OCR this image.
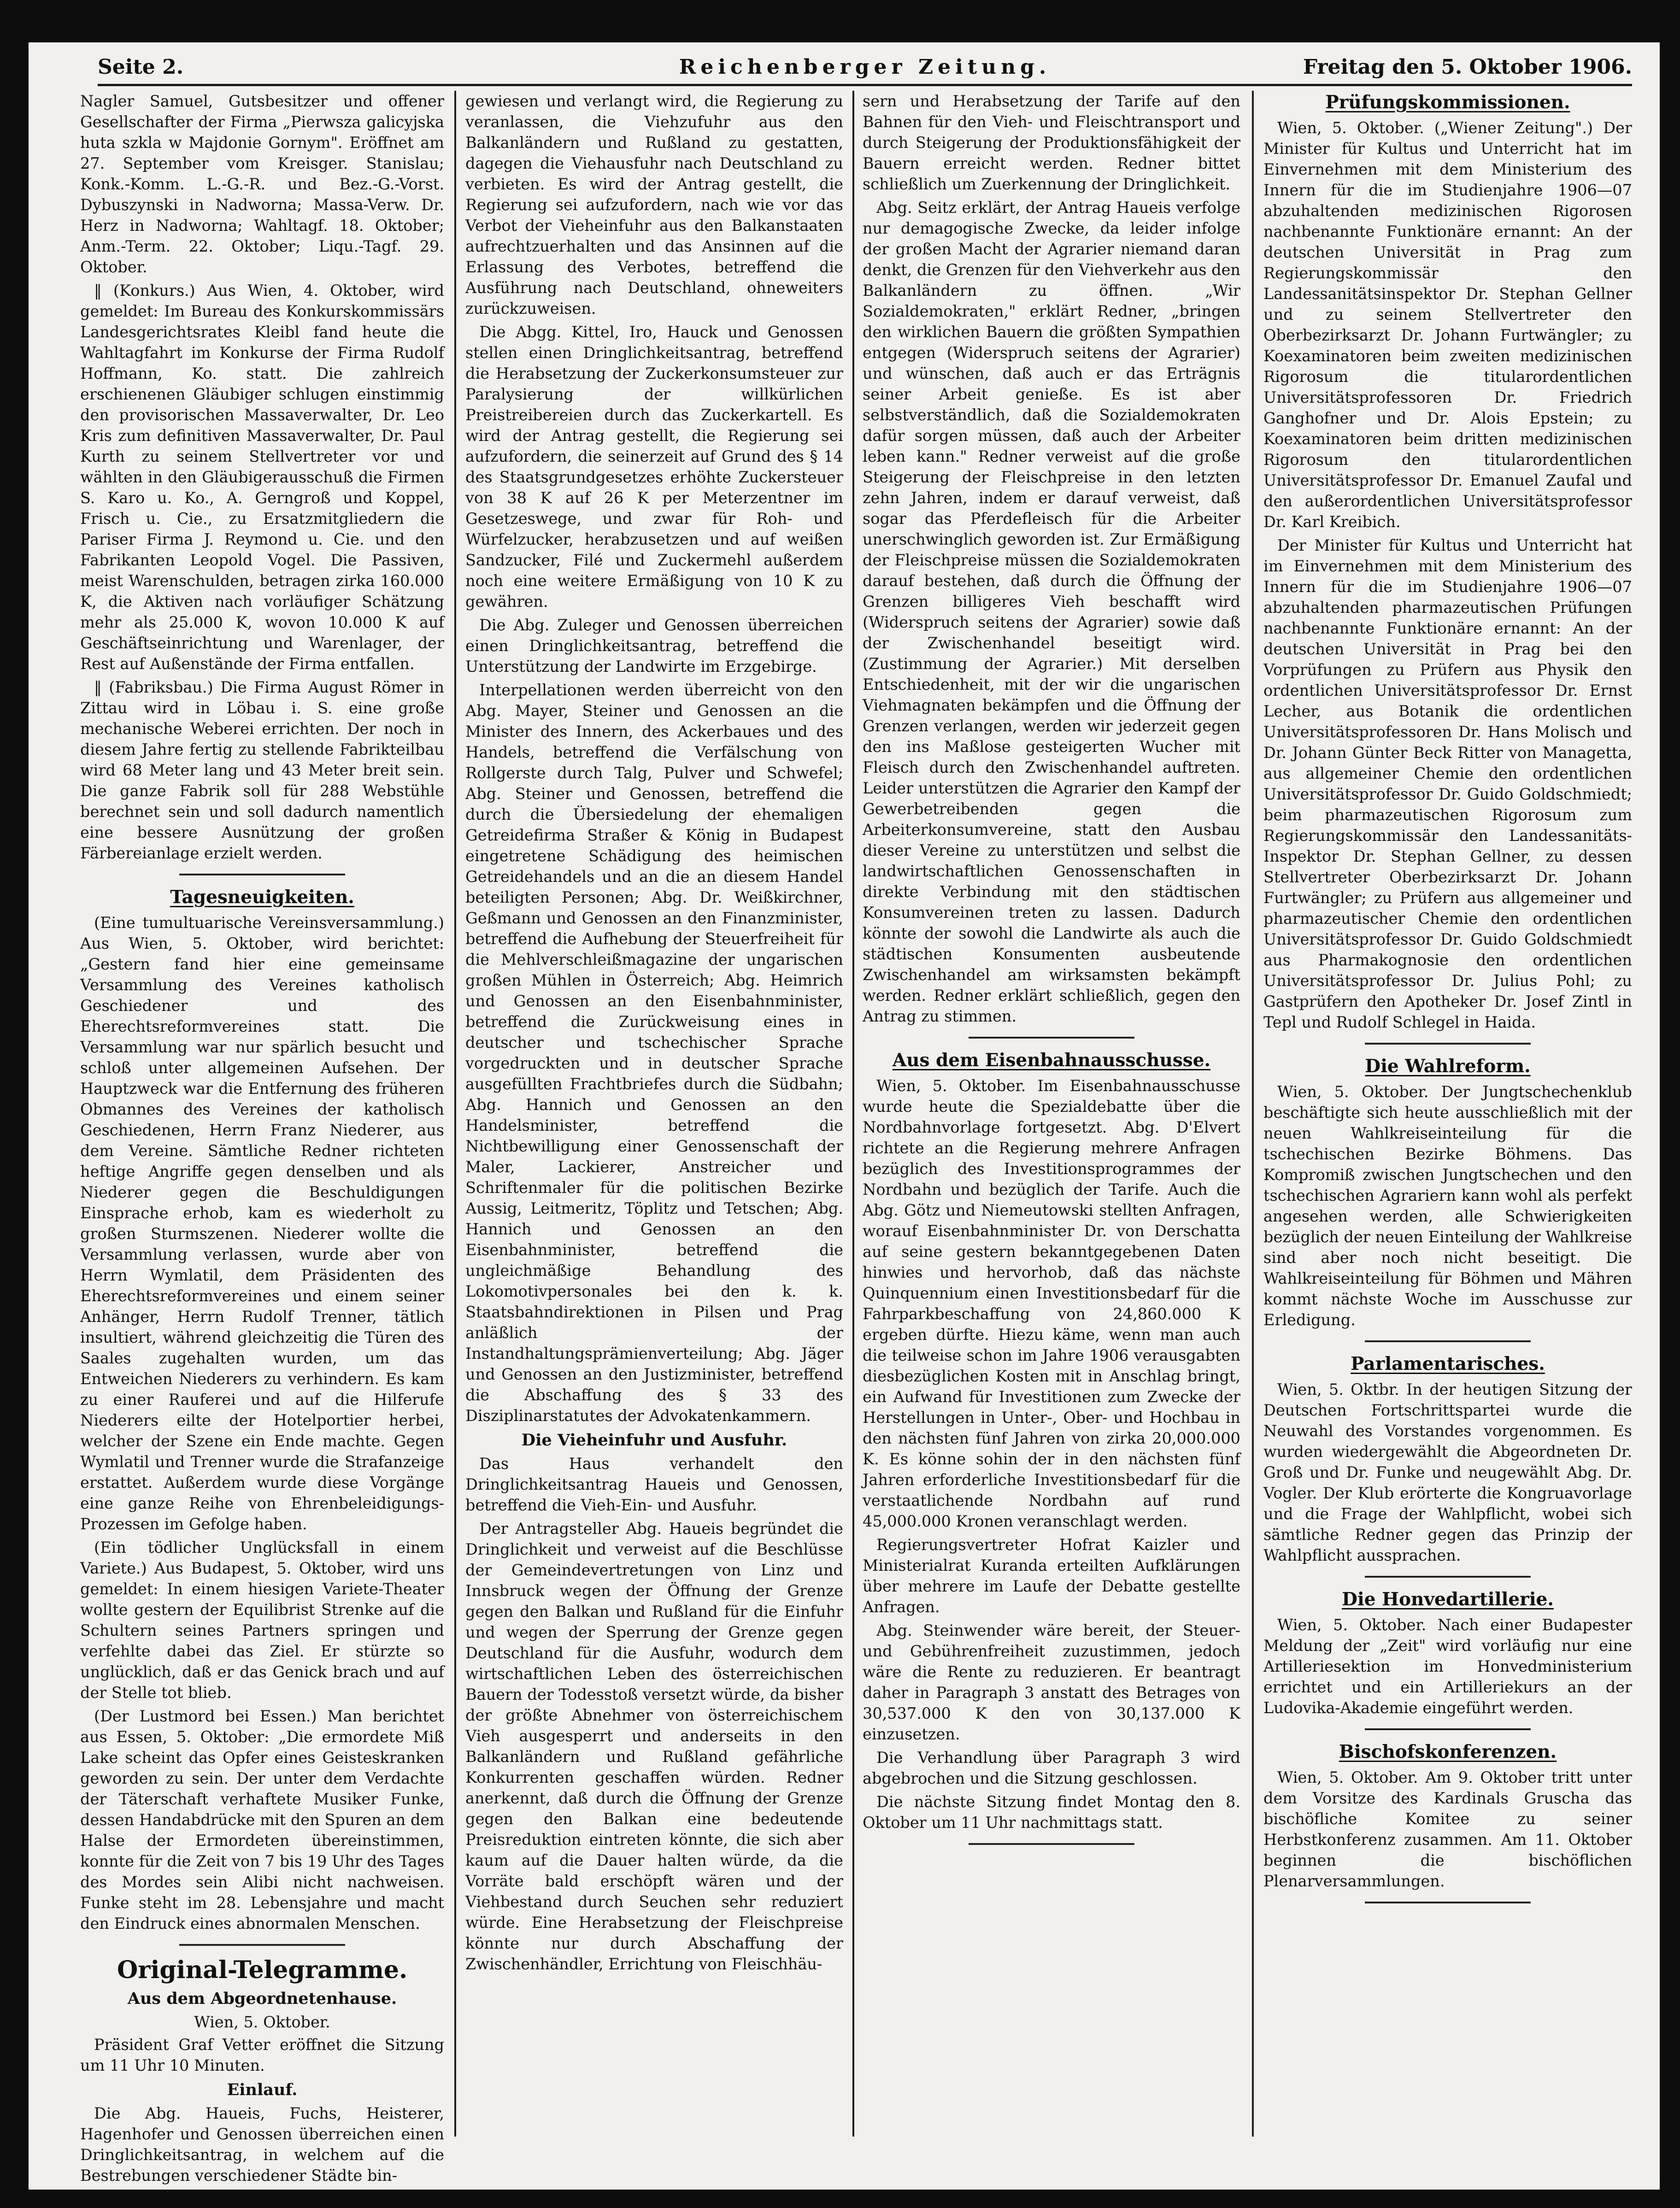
Seite 2.	Reichenberger Zeitung.	Freitag den 5. Oktober 1906.

Nagler Samuel, Gutsbesitzer und offener Gesellschafter der Firma „Pierwsza galicyjska huta szkla w Majdonie Gornym". Eröffnet am 27. September vom Kreisger. Stanislau; Konk.-Komm. L.-G.-R. und Bez.-G.-Vorst. Dybuszynski in Nadworna; Massa-Verw. Dr. Herz in Nadworna; Wahltagf. 18. Oktober; Anm.-Term. 22. Oktober; Liqu.-Tagf. 29. Oktober.

‖ (Konkurs.) Aus Wien, 4. Oktober, wird gemeldet: Im Bureau des Konkurskommissärs Landesgerichtsrates Kleibl fand heute die Wahltagfahrt im Konkurse der Firma Rudolf Hoffmann, Ko. statt. Die zahlreich erschienenen Gläubiger schlugen einstimmig den provisorischen Massaverwalter, Dr. Leo Kris zum definitiven Massaverwalter, Dr. Paul Kurth zu seinem Stellvertreter vor und wählten in den Gläubigerausschuß die Firmen S. Karo u. Ko., A. Gerngroß und Koppel, Frisch u. Cie., zu Ersatzmitgliedern die Pariser Firma J. Reymond u. Cie. und den Fabrikanten Leopold Vogel. Die Passiven, meist Warenschulden, betragen zirka 160.000 K, die Aktiven nach vorläufiger Schätzung mehr als 25.000 K, wovon 10.000 K auf Geschäftseinrichtung und Warenlager, der Rest auf Außenstände der Firma entfallen.

‖ (Fabriksbau.) Die Firma August Römer in Zittau wird in Löbau i. S. eine große mechanische Weberei errichten. Der noch in diesem Jahre fertig zu stellende Fabrikteilbau wird 68 Meter lang und 43 Meter breit sein. Die ganze Fabrik soll für 288 Webstühle berechnet sein und soll dadurch namentlich eine bessere Ausnützung der großen Färbereianlage erzielt werden.

Tagesneuigkeiten.

(Eine tumultuarische Vereinsversammlung.) Aus Wien, 5. Oktober, wird berichtet: „Gestern fand hier eine gemeinsame Versammlung des Vereines katholisch Geschiedener und des Eherechtsreformvereines statt. Die Versammlung war nur spärlich besucht und schloß unter allgemeinen Aufsehen. Der Hauptzweck war die Entfernung des früheren Obmannes des Vereines der katholisch Geschiedenen, Herrn Franz Niederer, aus dem Vereine. Sämtliche Redner richteten heftige Angriffe gegen denselben und als Niederer gegen die Beschuldigungen Einsprache erhob, kam es wiederholt zu großen Sturmszenen. Niederer wollte die Versammlung verlassen, wurde aber von Herrn Wymlatil, dem Präsidenten des Eherechtsreformvereines und einem seiner Anhänger, Herrn Rudolf Trenner, tätlich insultiert, während gleichzeitig die Türen des Saales zugehalten wurden, um das Entweichen Niederers zu verhindern. Es kam zu einer Rauferei und auf die Hilferufe Niederers eilte der Hotelportier herbei, welcher der Szene ein Ende machte. Gegen Wymlatil und Trenner wurde die Strafanzeige erstattet. Außerdem wurde diese Vorgänge eine ganze Reihe von Ehrenbeleidigungs-Prozessen im Gefolge haben.

(Ein tödlicher Unglücksfall in einem Variete.) Aus Budapest, 5. Oktober, wird uns gemeldet: In einem hiesigen Variete-Theater wollte gestern der Equilibrist Strenke auf die Schultern seines Partners springen und verfehlte dabei das Ziel. Er stürzte so unglücklich, daß er das Genick brach und auf der Stelle tot blieb.

(Der Lustmord bei Essen.) Man berichtet aus Essen, 5. Oktober: „Die ermordete Miß Lake scheint das Opfer eines Geisteskranken geworden zu sein. Der unter dem Verdachte der Täterschaft verhaftete Musiker Funke, dessen Handabdrücke mit den Spuren an dem Halse der Ermordeten übereinstimmen, konnte für die Zeit von 7 bis 19 Uhr des Tages des Mordes sein Alibi nicht nachweisen. Funke steht im 28. Lebensjahre und macht den Eindruck eines abnormalen Menschen.

Original-Telegramme.
Aus dem Abgeordnetenhause.
Wien, 5. Oktober.

Präsident Graf Vetter eröffnet die Sitzung um 11 Uhr 10 Minuten.

Einlauf.

Die Abg. Haueis, Fuchs, Heisterer, Hagenhofer und Genossen überreichen einen Dringlichkeitsantrag, in welchem auf die Bestrebungen verschiedener Städte bin-

gewiesen und verlangt wird, die Regierung zu veranlassen, die Viehzufuhr aus den Balkanländern und Rußland zu gestatten, dagegen die Viehausfuhr nach Deutschland zu verbieten. Es wird der Antrag gestellt, die Regierung sei aufzufordern, nach wie vor das Verbot der Vieheinfuhr aus den Balkanstaaten aufrechtzuerhalten und das Ansinnen auf die Erlassung des Verbotes, betreffend die Ausführung nach Deutschland, ohneweiters zurückzuweisen.

Die Abgg. Kittel, Iro, Hauck und Genossen stellen einen Dringlichkeitsantrag, betreffend die Herabsetzung der Zuckerkonsumsteuer zur Paralysierung der willkürlichen Preistreibereien durch das Zuckerkartell. Es wird der Antrag gestellt, die Regierung sei aufzufordern, die seinerzeit auf Grund des § 14 des Staatsgrundgesetzes erhöhte Zuckersteuer von 38 K auf 26 K per Meterzentner im Gesetzeswege, und zwar für Roh- und Würfelzucker, herabzusetzen und auf weißen Sandzucker, Filé und Zuckermehl außerdem noch eine weitere Ermäßigung von 10 K zu gewähren.

Die Abg. Zuleger und Genossen überreichen einen Dringlichkeitsantrag, betreffend die Unterstützung der Landwirte im Erzgebirge.

Interpellationen werden überreicht von den Abg. Mayer, Steiner und Genossen an die Minister des Innern, des Ackerbaues und des Handels, betreffend die Verfälschung von Rollgerste durch Talg, Pulver und Schwefel; Abg. Steiner und Genossen, betreffend die durch die Übersiedelung der ehemaligen Getreidefirma Straßer & König in Budapest eingetretene Schädigung des heimischen Getreidehandels und an die an diesem Handel beteiligten Personen; Abg. Dr. Weißkirchner, Geßmann und Genossen an den Finanzminister, betreffend die Aufhebung der Steuerfreiheit für die Mehlverschleißmagazine der ungarischen großen Mühlen in Österreich; Abg. Heimrich und Genossen an den Eisenbahnminister, betreffend die Zurückweisung eines in deutscher und tschechischer Sprache vorgedruckten und in deutscher Sprache ausgefüllten Frachtbriefes durch die Südbahn; Abg. Hannich und Genossen an den Handelsminister, betreffend die Nichtbewilligung einer Genossenschaft der Maler, Lackierer, Anstreicher und Schriftenmaler für die politischen Bezirke Aussig, Leitmeritz, Töplitz und Tetschen; Abg. Hannich und Genossen an den Eisenbahnminister, betreffend die ungleichmäßige Behandlung des Lokomotivpersonales bei den k. k. Staatsbahndirektionen in Pilsen und Prag anläßlich der Instandhaltungsprämienverteilung; Abg. Jäger und Genossen an den Justizminister, betreffend die Abschaffung des § 33 des Disziplinarstatutes der Advokatenkammern.

Die Vieheinfuhr und Ausfuhr.

Das Haus verhandelt den Dringlichkeitsantrag Haueis und Genossen, betreffend die Vieh-Ein- und Ausfuhr.

Der Antragsteller Abg. Haueis begründet die Dringlichkeit und verweist auf die Beschlüsse der Gemeindevertretungen von Linz und Innsbruck wegen der Öffnung der Grenze gegen den Balkan und Rußland für die Einfuhr und wegen der Sperrung der Grenze gegen Deutschland für die Ausfuhr, wodurch dem wirtschaftlichen Leben des österreichischen Bauern der Todesstoß versetzt würde, da bisher der größte Abnehmer von österreichischem Vieh ausgesperrt und anderseits in den Balkanländern und Rußland gefährliche Konkurrenten geschaffen würden. Redner anerkennt, daß durch die Öffnung der Grenze gegen den Balkan eine bedeutende Preisreduktion eintreten könnte, die sich aber kaum auf die Dauer halten würde, da die Vorräte bald erschöpft wären und der Viehbestand durch Seuchen sehr reduziert würde. Eine Herabsetzung der Fleischpreise könnte nur durch Abschaffung der Zwischenhändler, Errichtung von Fleischhäu-

sern und Herabsetzung der Tarife auf den Bahnen für den Vieh- und Fleischtransport und durch Steigerung der Produktionsfähigkeit der Bauern erreicht werden. Redner bittet schließlich um Zuerkennung der Dringlichkeit.

Abg. Seitz erklärt, der Antrag Haueis verfolge nur demagogische Zwecke, da leider infolge der großen Macht der Agrarier niemand daran denkt, die Grenzen für den Viehverkehr aus den Balkanländern zu öffnen. „Wir Sozialdemokraten," erklärt Redner, „bringen den wirklichen Bauern die größten Sympathien entgegen (Widerspruch seitens der Agrarier) und wünschen, daß auch er das Erträgnis seiner Arbeit genieße. Es ist aber selbstverständlich, daß die Sozialdemokraten dafür sorgen müssen, daß auch der Arbeiter leben kann." Redner verweist auf die große Steigerung der Fleischpreise in den letzten zehn Jahren, indem er darauf verweist, daß sogar das Pferdefleisch für die Arbeiter unerschwinglich geworden ist. Zur Ermäßigung der Fleischpreise müssen die Sozialdemokraten darauf bestehen, daß durch die Öffnung der Grenzen billigeres Vieh beschafft wird (Widerspruch seitens der Agrarier) sowie daß der Zwischenhandel beseitigt wird. (Zustimmung der Agrarier.) Mit derselben Entschiedenheit, mit der wir die ungarischen Viehmagnaten bekämpfen und die Öffnung der Grenzen verlangen, werden wir jederzeit gegen den ins Maßlose gesteigerten Wucher mit Fleisch durch den Zwischenhandel auftreten. Leider unterstützen die Agrarier den Kampf der Gewerbetreibenden gegen die Arbeiterkonsumvereine, statt den Ausbau dieser Vereine zu unterstützen und selbst die landwirtschaftlichen Genossenschaften in direkte Verbindung mit den städtischen Konsumvereinen treten zu lassen. Dadurch könnte der sowohl die Landwirte als auch die städtischen Konsumenten ausbeutende Zwischenhandel am wirksamsten bekämpft werden. Redner erklärt schließlich, gegen den Antrag zu stimmen.

Aus dem Eisenbahnausschusse.

Wien, 5. Oktober. Im Eisenbahnausschusse wurde heute die Spezialdebatte über die Nordbahnvorlage fortgesetzt. Abg. D'Elvert richtete an die Regierung mehrere Anfragen bezüglich des Investitionsprogrammes der Nordbahn und bezüglich der Tarife. Auch die Abg. Götz und Niemeutowski stellten Anfragen, worauf Eisenbahnminister Dr. von Derschatta auf seine gestern bekanntgegebenen Daten hinwies und hervorhob, daß das nächste Quinquennium einen Investitionsbedarf für die Fahrparkbeschaffung von 24,860.000 K ergeben dürfte. Hiezu käme, wenn man auch die teilweise schon im Jahre 1906 verausgabten diesbezüglichen Kosten mit in Anschlag bringt, ein Aufwand für Investitionen zum Zwecke der Herstellungen in Unter-, Ober- und Hochbau in den nächsten fünf Jahren von zirka 20,000.000 K. Es könne sohin der in den nächsten fünf Jahren erforderliche Investitionsbedarf für die verstaatlichende Nordbahn auf rund 45,000.000 Kronen veranschlagt werden.

Regierungsvertreter Hofrat Kaizler und Ministerialrat Kuranda erteilten Aufklärungen über mehrere im Laufe der Debatte gestellte Anfragen.

Abg. Steinwender wäre bereit, der Steuer- und Gebührenfreiheit zuzustimmen, jedoch wäre die Rente zu reduzieren. Er beantragt daher in Paragraph 3 anstatt des Betrages von 30,537.000 K den von 30,137.000 K einzusetzen.

Die Verhandlung über Paragraph 3 wird abgebrochen und die Sitzung geschlossen.

Die nächste Sitzung findet Montag den 8. Oktober um 11 Uhr nachmittags statt.

Prüfungskommissionen.

Wien, 5. Oktober. („Wiener Zeitung".) Der Minister für Kultus und Unterricht hat im Einvernehmen mit dem Ministerium des Innern für die im Studienjahre 1906—07 abzuhaltenden medizinischen Rigorosen nachbenannte Funktionäre ernannt: An der deutschen Universität in Prag zum Regierungskommissär den Landessanitätsinspektor Dr. Stephan Gellner und zu seinem Stellvertreter den Oberbezirksarzt Dr. Johann Furtwängler; zu Koexaminatoren beim zweiten medizinischen Rigorosum die titularordentlichen Universitätsprofessoren Dr. Friedrich Ganghofner und Dr. Alois Epstein; zu Koexaminatoren beim dritten medizinischen Rigorosum den titularordentlichen Universitätsprofessor Dr. Emanuel Zaufal und den außerordentlichen Universitätsprofessor Dr. Karl Kreibich.

Der Minister für Kultus und Unterricht hat im Einvernehmen mit dem Ministerium des Innern für die im Studienjahre 1906—07 abzuhaltenden pharmazeutischen Prüfungen nachbenannte Funktionäre ernannt: An der deutschen Universität in Prag bei den Vorprüfungen zu Prüfern aus Physik den ordentlichen Universitätsprofessor Dr. Ernst Lecher, aus Botanik die ordentlichen Universitätsprofessoren Dr. Hans Molisch und Dr. Johann Günter Beck Ritter von Managetta, aus allgemeiner Chemie den ordentlichen Universitätsprofessor Dr. Guido Goldschmiedt; beim pharmazeutischen Rigorosum zum Regierungskommissär den Landessanitäts-Inspektor Dr. Stephan Gellner, zu dessen Stellvertreter Oberbezirksarzt Dr. Johann Furtwängler; zu Prüfern aus allgemeiner und pharmazeutischer Chemie den ordentlichen Universitätsprofessor Dr. Guido Goldschmiedt aus Pharmakognosie den ordentlichen Universitätsprofessor Dr. Julius Pohl; zu Gastprüfern den Apotheker Dr. Josef Zintl in Tepl und Rudolf Schlegel in Haida.

Die Wahlreform.

Wien, 5. Oktober. Der Jungtschechenklub beschäftigte sich heute ausschließlich mit der neuen Wahlkreiseinteilung für die tschechischen Bezirke Böhmens. Das Kompromiß zwischen Jungtschechen und den tschechischen Agrariern kann wohl als perfekt angesehen werden, alle Schwierigkeiten bezüglich der neuen Einteilung der Wahlkreise sind aber noch nicht beseitigt. Die Wahlkreiseinteilung für Böhmen und Mähren kommt nächste Woche im Ausschusse zur Erledigung.

Parlamentarisches.

Wien, 5. Oktbr. In der heutigen Sitzung der Deutschen Fortschrittspartei wurde die Neuwahl des Vorstandes vorgenommen. Es wurden wiedergewählt die Abgeordneten Dr. Groß und Dr. Funke und neugewählt Abg. Dr. Vogler. Der Klub erörterte die Kongruavorlage und die Frage der Wahlpflicht, wobei sich sämtliche Redner gegen das Prinzip der Wahlpflicht aussprachen.

Die Honvedartillerie.

Wien, 5. Oktober. Nach einer Budapester Meldung der „Zeit" wird vorläufig nur eine Artilleriesektion im Honvedministerium errichtet und ein Artilleriekurs an der Ludovika-Akademie eingeführt werden.

Bischofskonferenzen.

Wien, 5. Oktober. Am 9. Oktober tritt unter dem Vorsitze des Kardinals Gruscha das bischöfliche Komitee zu seiner Herbstkonferenz zusammen. Am 11. Oktober beginnen die bischöflichen Plenarversammlungen.
